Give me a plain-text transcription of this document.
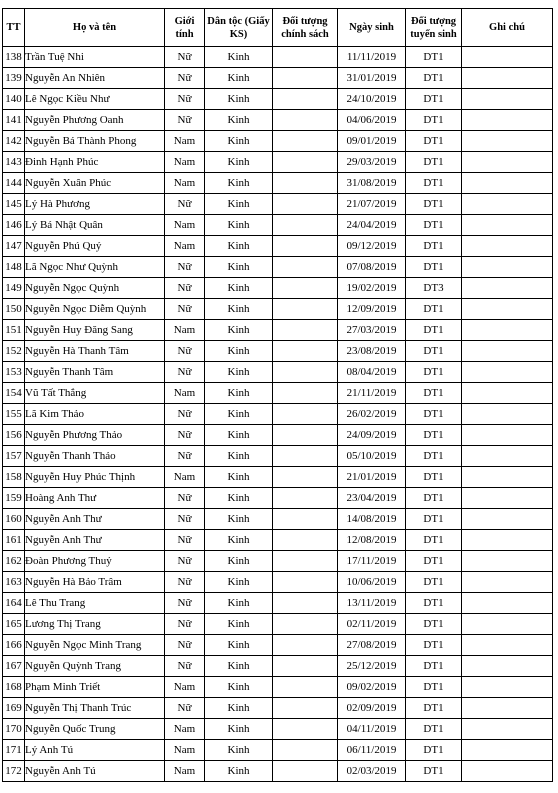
TT	Họ và tên	Giới tính	Dân tộc (Giấy KS)	Đối tượng chính sách	Ngày sinh	Đối tượng tuyển sinh	Ghi chú
138	Trần Tuệ Nhi	Nữ	Kinh		11/11/2019	DT1	
139	Nguyễn An Nhiên	Nữ	Kinh		31/01/2019	DT1	
140	Lê Ngọc Kiều Như	Nữ	Kinh		24/10/2019	DT1	
141	Nguyễn Phương Oanh	Nữ	Kinh		04/06/2019	DT1	
142	Nguyễn Bá Thành Phong	Nam	Kinh		09/01/2019	DT1	
143	Đinh Hạnh Phúc	Nam	Kinh		29/03/2019	DT1	
144	Nguyễn Xuân Phúc	Nam	Kinh		31/08/2019	DT1	
145	Lý Hà Phương	Nữ	Kinh		21/07/2019	DT1	
146	Lý Bá Nhật Quân	Nam	Kinh		24/04/2019	DT1	
147	Nguyễn Phú Quý	Nam	Kinh		09/12/2019	DT1	
148	Lã Ngọc Như Quỳnh	Nữ	Kinh		07/08/2019	DT1	
149	Nguyễn Ngọc Quỳnh	Nữ	Kinh		19/02/2019	DT3	
150	Nguyễn Ngọc Diễm Quỳnh	Nữ	Kinh		12/09/2019	DT1	
151	Nguyễn Huy Đăng Sang	Nam	Kinh		27/03/2019	DT1	
152	Nguyễn Hà Thanh Tâm	Nữ	Kinh		23/08/2019	DT1	
153	Nguyễn Thanh Tâm	Nữ	Kinh		08/04/2019	DT1	
154	Vũ Tất Thắng	Nam	Kinh		21/11/2019	DT1	
155	Lã Kim Thảo	Nữ	Kinh		26/02/2019	DT1	
156	Nguyễn Phương Thảo	Nữ	Kinh		24/09/2019	DT1	
157	Nguyễn Thanh Thảo	Nữ	Kinh		05/10/2019	DT1	
158	Nguyễn Huy Phúc Thịnh	Nam	Kinh		21/01/2019	DT1	
159	Hoàng Anh Thư	Nữ	Kinh		23/04/2019	DT1	
160	Nguyễn Anh Thư	Nữ	Kinh		14/08/2019	DT1	
161	Nguyễn Anh Thư	Nữ	Kinh		12/08/2019	DT1	
162	Đoàn Phương Thuỷ	Nữ	Kinh		17/11/2019	DT1	
163	Nguyễn Hà Bảo Trâm	Nữ	Kinh		10/06/2019	DT1	
164	Lê Thu Trang	Nữ	Kinh		13/11/2019	DT1	
165	Lương Thị Trang	Nữ	Kinh		02/11/2019	DT1	
166	Nguyễn Ngọc Minh Trang	Nữ	Kinh		27/08/2019	DT1	
167	Nguyễn Quỳnh Trang	Nữ	Kinh		25/12/2019	DT1	
168	Phạm Minh Triết	Nam	Kinh		09/02/2019	DT1	
169	Nguyễn Thị Thanh Trúc	Nữ	Kinh		02/09/2019	DT1	
170	Nguyễn Quốc Trung	Nam	Kinh		04/11/2019	DT1	
171	Lý Anh Tú	Nam	Kinh		06/11/2019	DT1	
172	Nguyễn Anh Tú	Nam	Kinh		02/03/2019	DT1	
